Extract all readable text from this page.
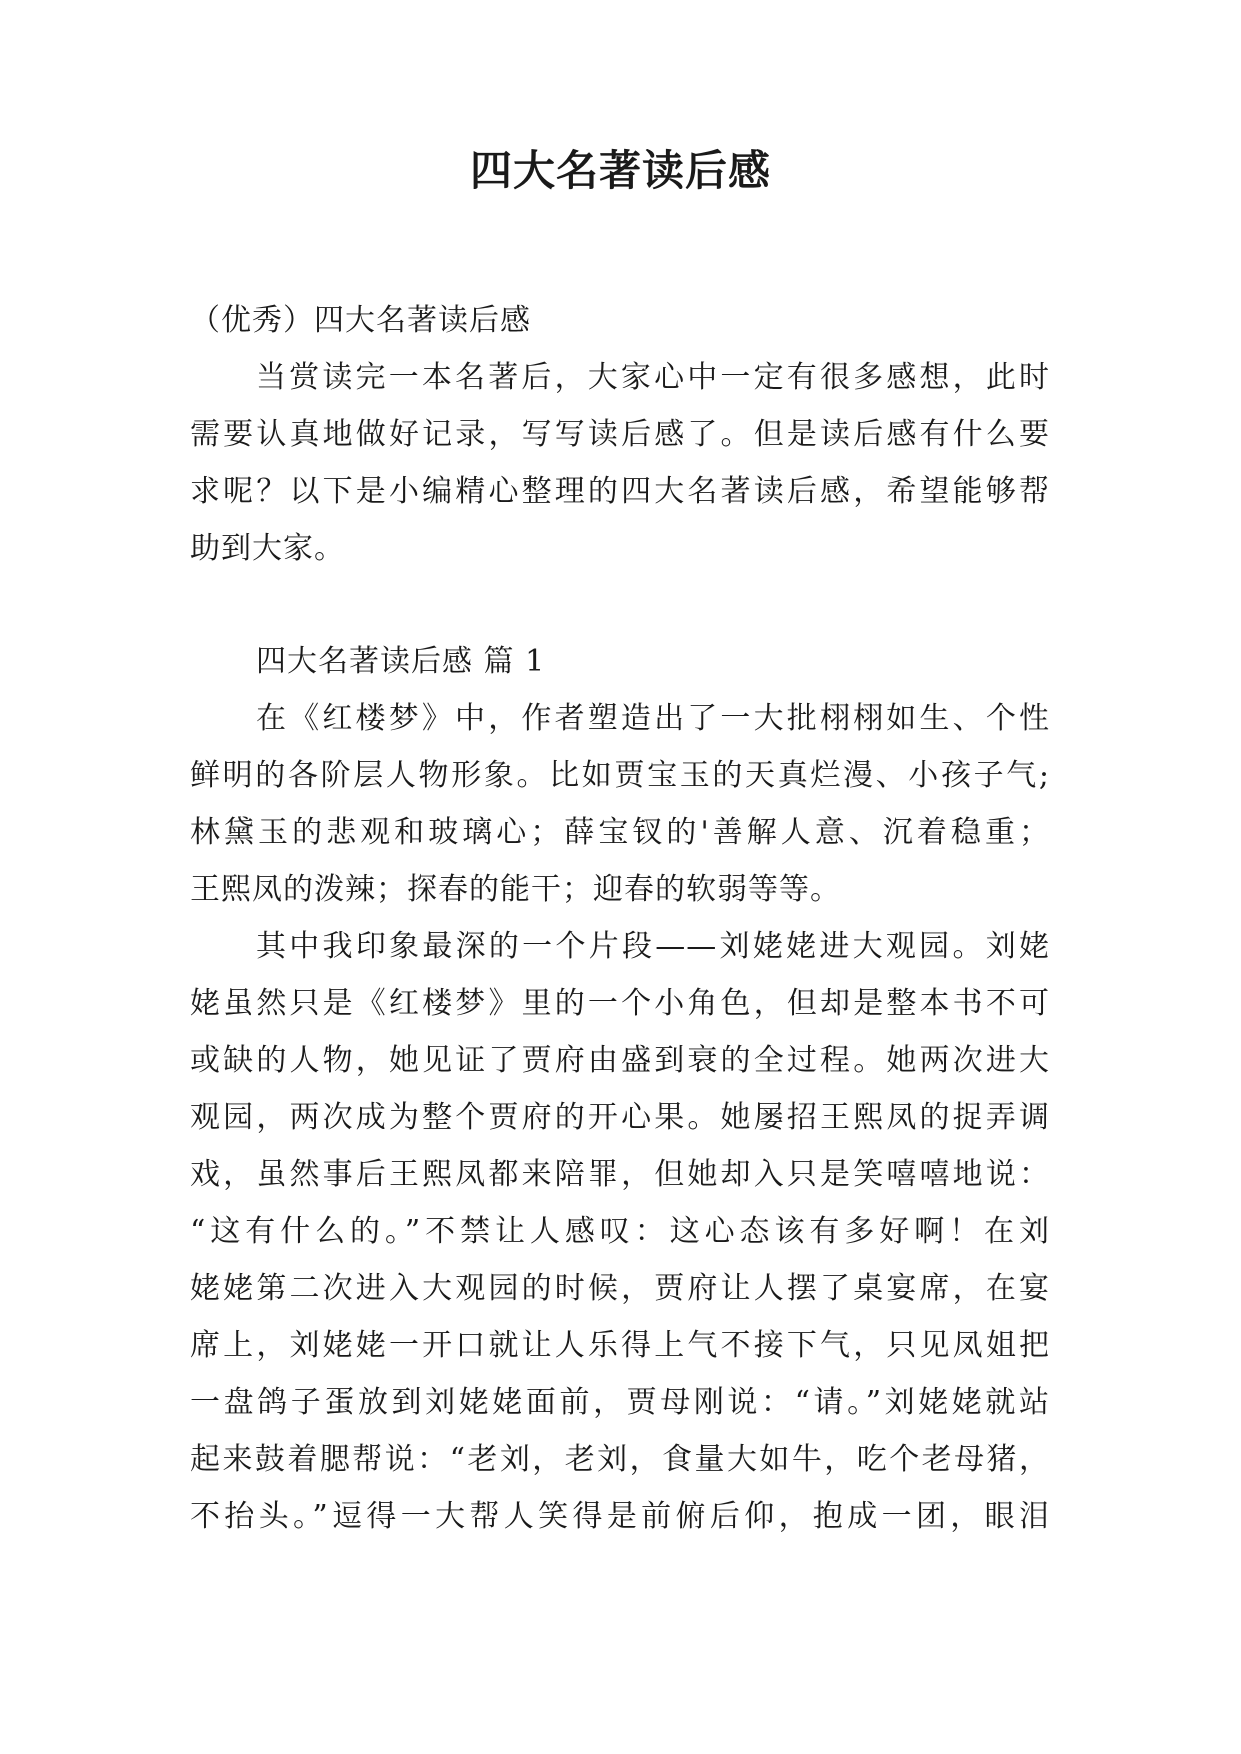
四大名著读后感
（优秀）四大名著读后感
当赏读完一本名著后，大家心中一定有很多感想，此时
需要认真地做好记录，写写读后感了。但是读后感有什么要
求呢？以下是小编精心整理的四大名著读后感，希望能够帮
助到大家。
四大名著读后感 篇 1
在《红楼梦》中，作者塑造出了一大批栩栩如生、个性
鲜明的各阶层人物形象。比如贾宝玉的天真烂漫、小孩子气;
林黛玉的悲观和玻璃心；薛宝钗的'善解人意、沉着稳重；
王熙凤的泼辣；探春的能干；迎春的软弱等等。
其中我印象最深的一个片段——刘姥姥进大观园。刘姥
姥虽然只是《红楼梦》里的一个小角色，但却是整本书不可
或缺的人物，她见证了贾府由盛到衰的全过程。她两次进大
观园，两次成为整个贾府的开心果。她屡招王熙凤的捉弄调
戏，虽然事后王熙凤都来陪罪，但她却入只是笑嘻嘻地说：
“这有什么的。”不禁让人感叹：这心态该有多好啊！在刘
姥姥第二次进入大观园的时候，贾府让人摆了桌宴席，在宴
席上，刘姥姥一开口就让人乐得上气不接下气，只见凤姐把
一盘鸽子蛋放到刘姥姥面前，贾母刚说：“请。”刘姥姥就站
起来鼓着腮帮说：“老刘，老刘，食量大如牛，吃个老母猪，
不抬头。”逗得一大帮人笑得是前俯后仰，抱成一团，眼泪
